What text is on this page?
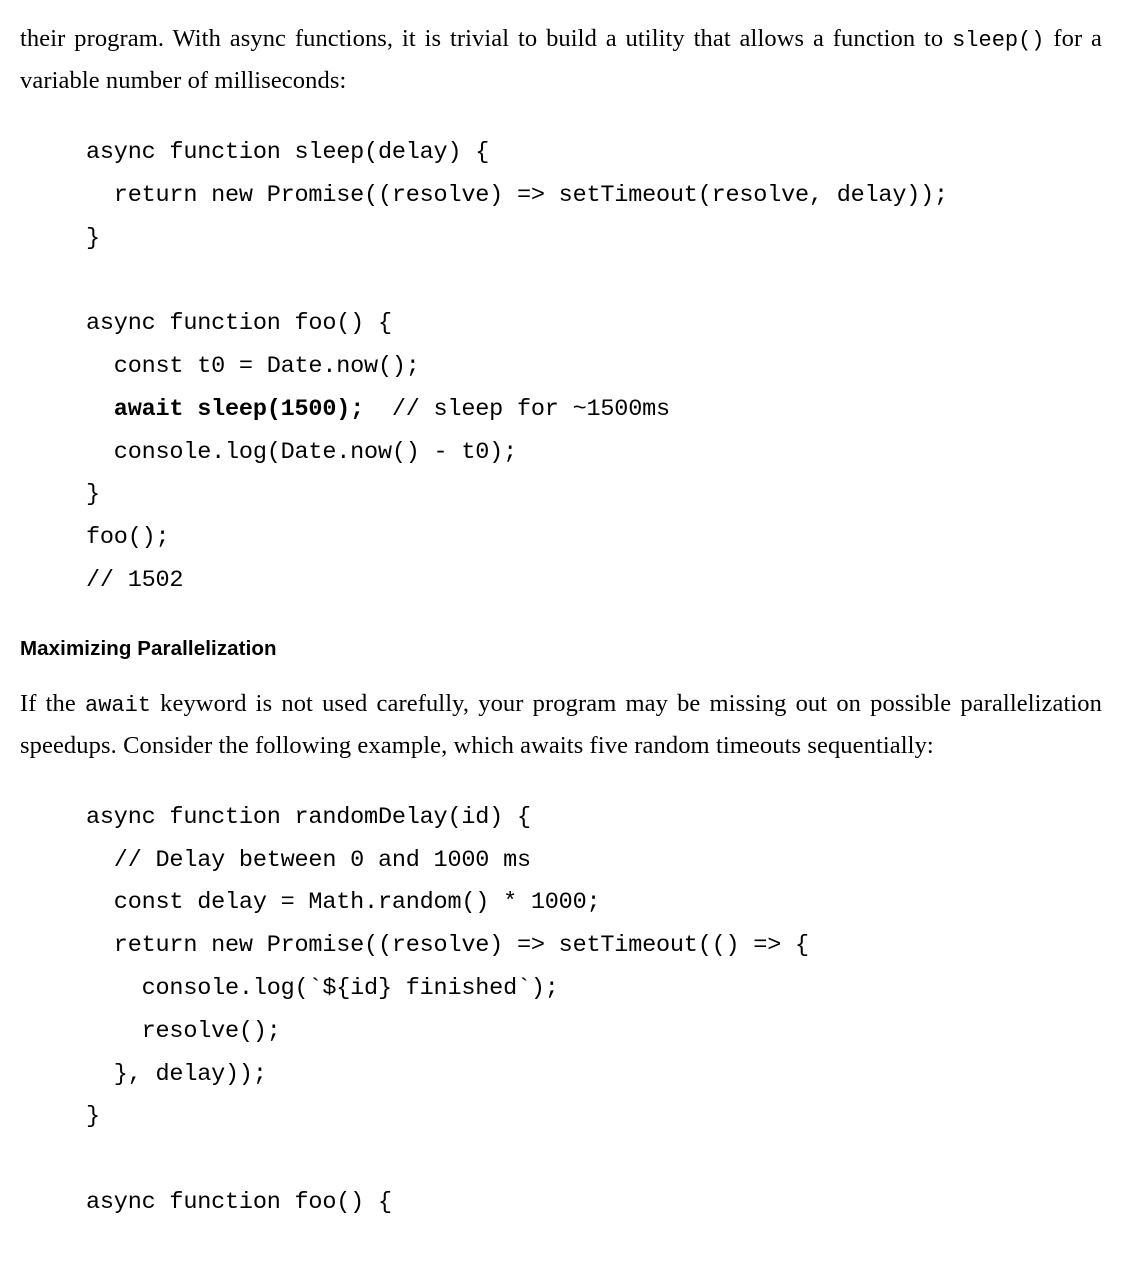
their program. With async functions, it is trivial to build a utility that allows a function to sleep() for a variable number of milliseconds:

async function sleep(delay) {
return new Promise((resolve) => setTimeout(resolve, delay));
}

async function foo() {
const t0 = Date.now();
await sleep(1500);  // sleep for ~1500ms
console.log(Date.now() - t0);
}
foo();
// 1502
Maximizing Parallelization

If the await keyword is not used carefully, your program may be missing out on possible parallelization speedups. Consider the following example, which awaits five random timeouts sequentially:

async function randomDelay(id) {
// Delay between 0 and 1000 ms
const delay = Math.random() * 1000;
return new Promise((resolve) => setTimeout(() => {
console.log(`${id} finished`);
resolve();
}, delay));
}

async function foo() {
